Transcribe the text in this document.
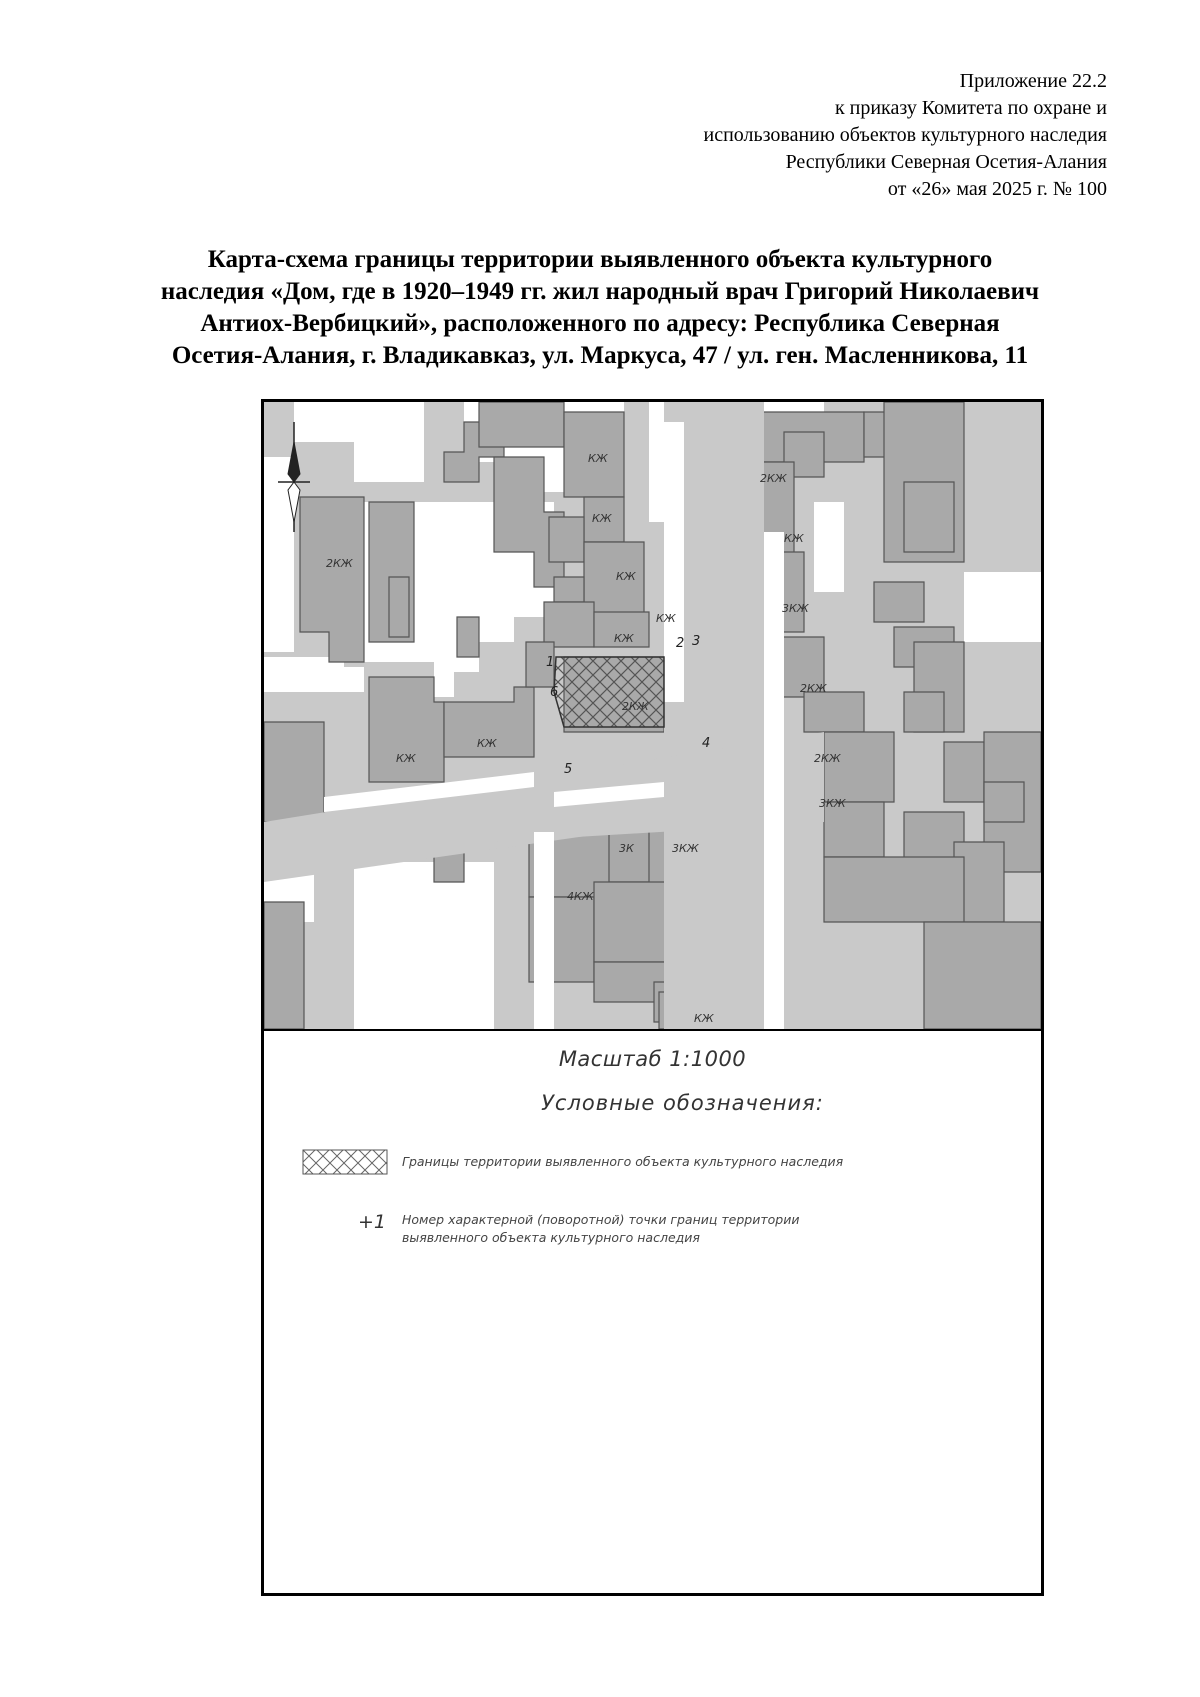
Приложение 22.2
к приказу Комитета по охране и
использованию объектов культурного наследия
Республики Северная Осетия-Алания
от «26» мая 2025 г. № 100
Карта-схема границы территории выявленного объекта культурного
наследия «Дом, где в 1920–1949 гг. жил народный врач Григорий Николаевич
Антиох-Вербицкий», расположенного по адресу: Республика Северная
Осетия-Алания, г. Владикавказ, ул. Маркуса, 47 / ул. ген. Масленникова, 11
КЖ
КЖ
2КЖ
КЖ
3КЖ
2КЖ
2КЖ
3КЖ
2КЖ
КЖ
КЖ
КЖ
КЖ
КЖ
4КЖ
3К	3КЖ
КЖ
2КЖ
1
2 3
4
5
6
Масштаб 1:1000
Условные обозначения:
Границы территории выявленного объекта культурного наследия
+1 Номер характерной (поворотной) точки границ территории
выявленного объекта культурного наследия
